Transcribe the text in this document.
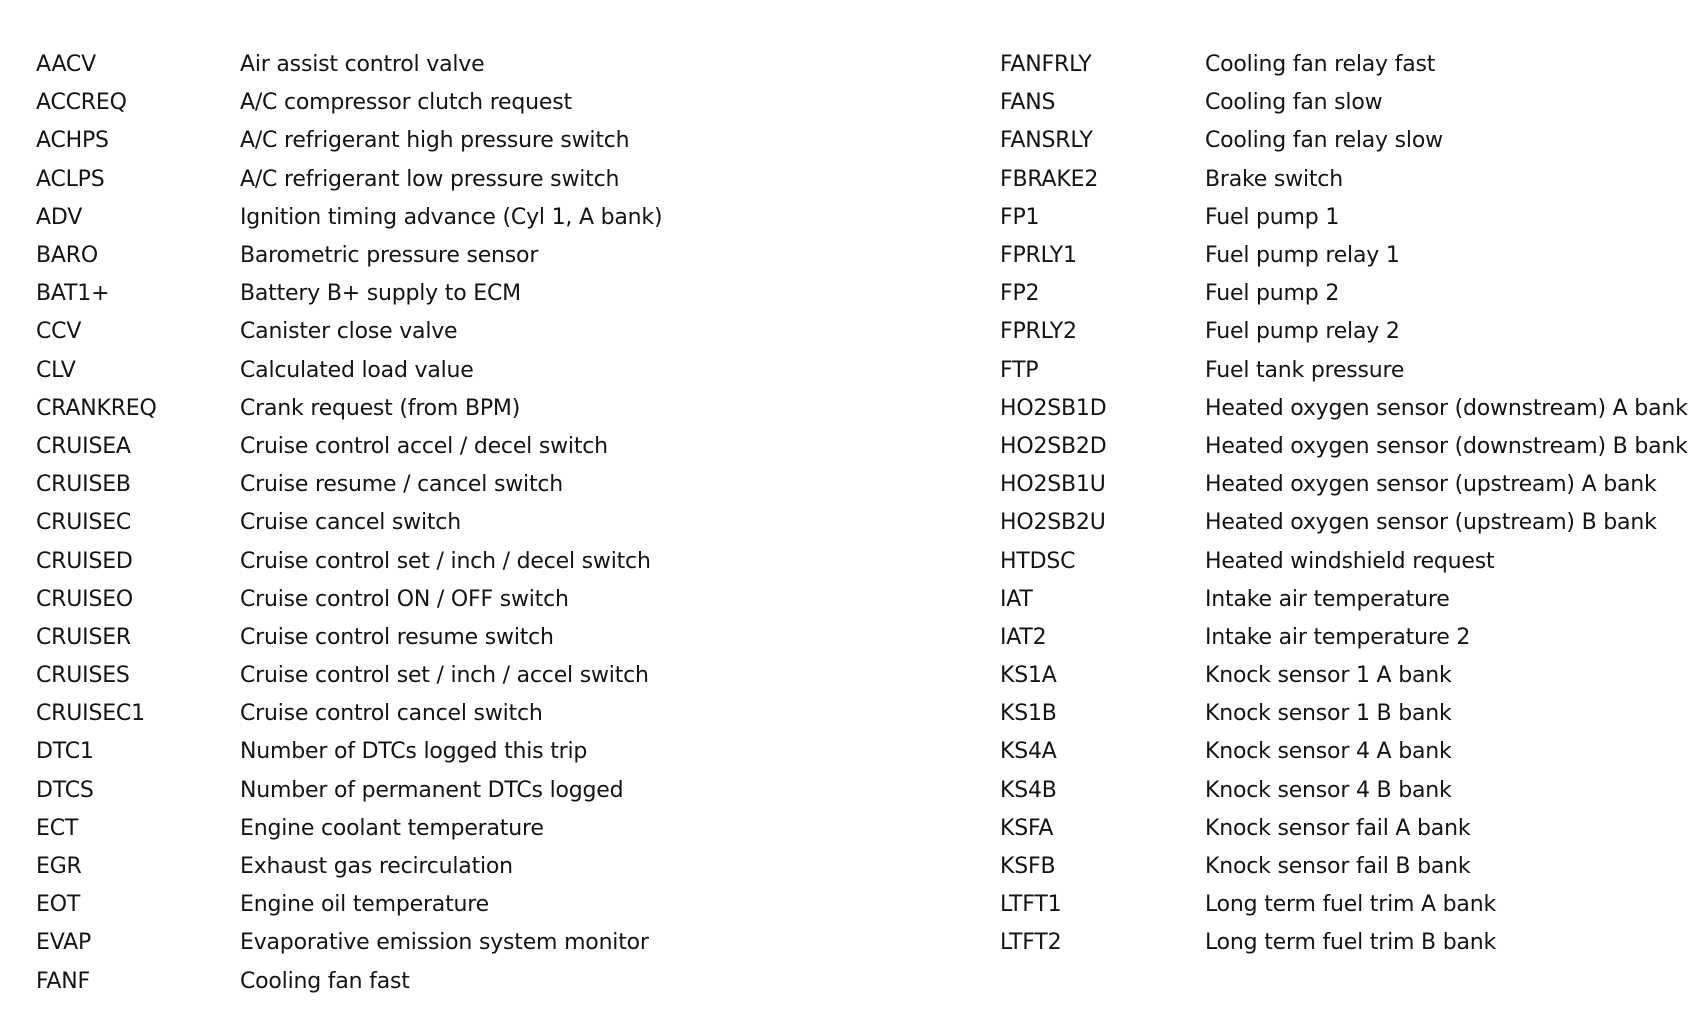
AACV	Air assist control valve
ACCREQ	A/C compressor clutch request
ACHPS	A/C refrigerant high pressure switch
ACLPS	A/C refrigerant low pressure switch
ADV	Ignition timing advance (Cyl 1, A bank)
BARO	Barometric pressure sensor
BAT1+	Battery B+ supply to ECM
CCV	Canister close valve
CLV	Calculated load value
CRANKREQ	Crank request (from BPM)
CRUISEA	Cruise control accel / decel switch
CRUISEB	Cruise resume / cancel switch
CRUISEC	Cruise cancel switch
CRUISED	Cruise control set / inch / decel switch
CRUISEO	Cruise control ON / OFF switch
CRUISER	Cruise control resume switch
CRUISES	Cruise control set / inch / accel switch
CRUISEC1	Cruise control cancel switch
DTC1	Number of DTCs logged this trip
DTCS	Number of permanent DTCs logged
ECT	Engine coolant temperature
EGR	Exhaust gas recirculation
EOT	Engine oil temperature
EVAP	Evaporative emission system monitor
FANF	Cooling fan fast
FANFRLY	Cooling fan relay fast
FANS	Cooling fan slow
FANSRLY	Cooling fan relay slow
FBRAKE2	Brake switch
FP1	Fuel pump 1
FPRLY1	Fuel pump relay 1
FP2	Fuel pump 2
FPRLY2	Fuel pump relay 2
FTP	Fuel tank pressure
HO2SB1D	Heated oxygen sensor (downstream) A bank
HO2SB2D	Heated oxygen sensor (downstream) B bank
HO2SB1U	Heated oxygen sensor (upstream) A bank
HO2SB2U	Heated oxygen sensor (upstream) B bank
HTDSC	Heated windshield request
IAT	Intake air temperature
IAT2	Intake air temperature 2
KS1A	Knock sensor 1 A bank
KS1B	Knock sensor 1 B bank
KS4A	Knock sensor 4 A bank
KS4B	Knock sensor 4 B bank
KSFA	Knock sensor fail A bank
KSFB	Knock sensor fail B bank
LTFT1	Long term fuel trim A bank
LTFT2	Long term fuel trim B bank
